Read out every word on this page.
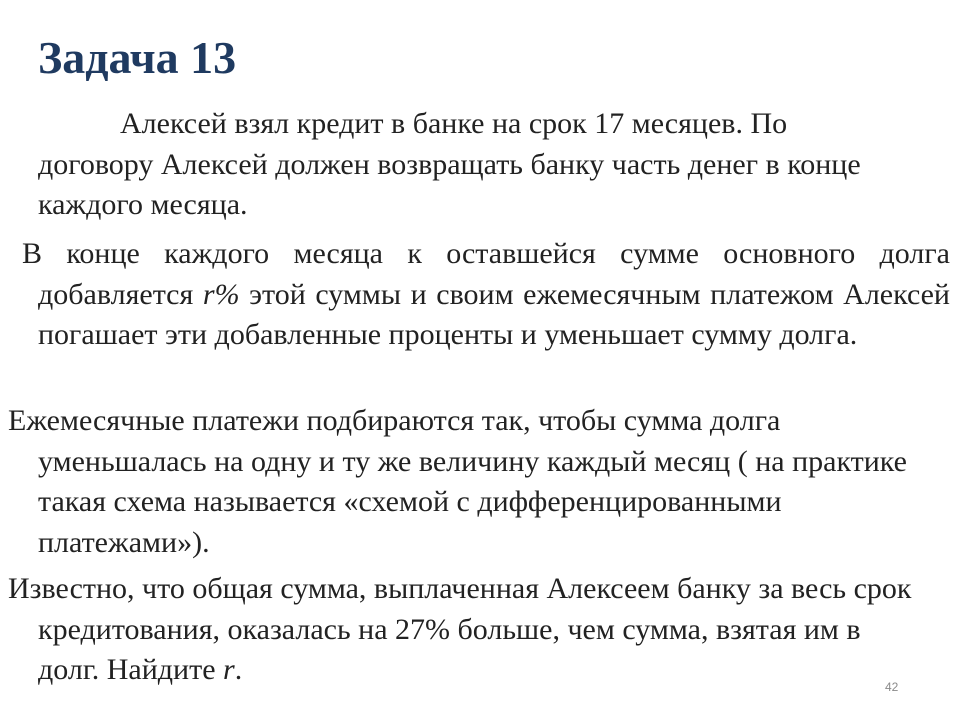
Задача 13

Алексей взял кредит в банке на срок 17 месяцев. По договору Алексей должен возвращать банку часть денег в конце каждого месяца.

В конце каждого месяца к оставшейся сумме основного долга добавляется r% этой суммы и своим ежемесячным платежом Алексей погашает эти добавленные проценты и уменьшает сумму долга.

Ежемесячные платежи подбираются так, чтобы сумма долга уменьшалась на одну и ту же величину каждый месяц ( на практике такая схема называется «схемой с дифференцированными платежами»).

Известно, что общая сумма, выплаченная Алексеем банку за весь срок кредитования, оказалась на 27% больше, чем сумма, взятая им в долг. Найдите r.

42
